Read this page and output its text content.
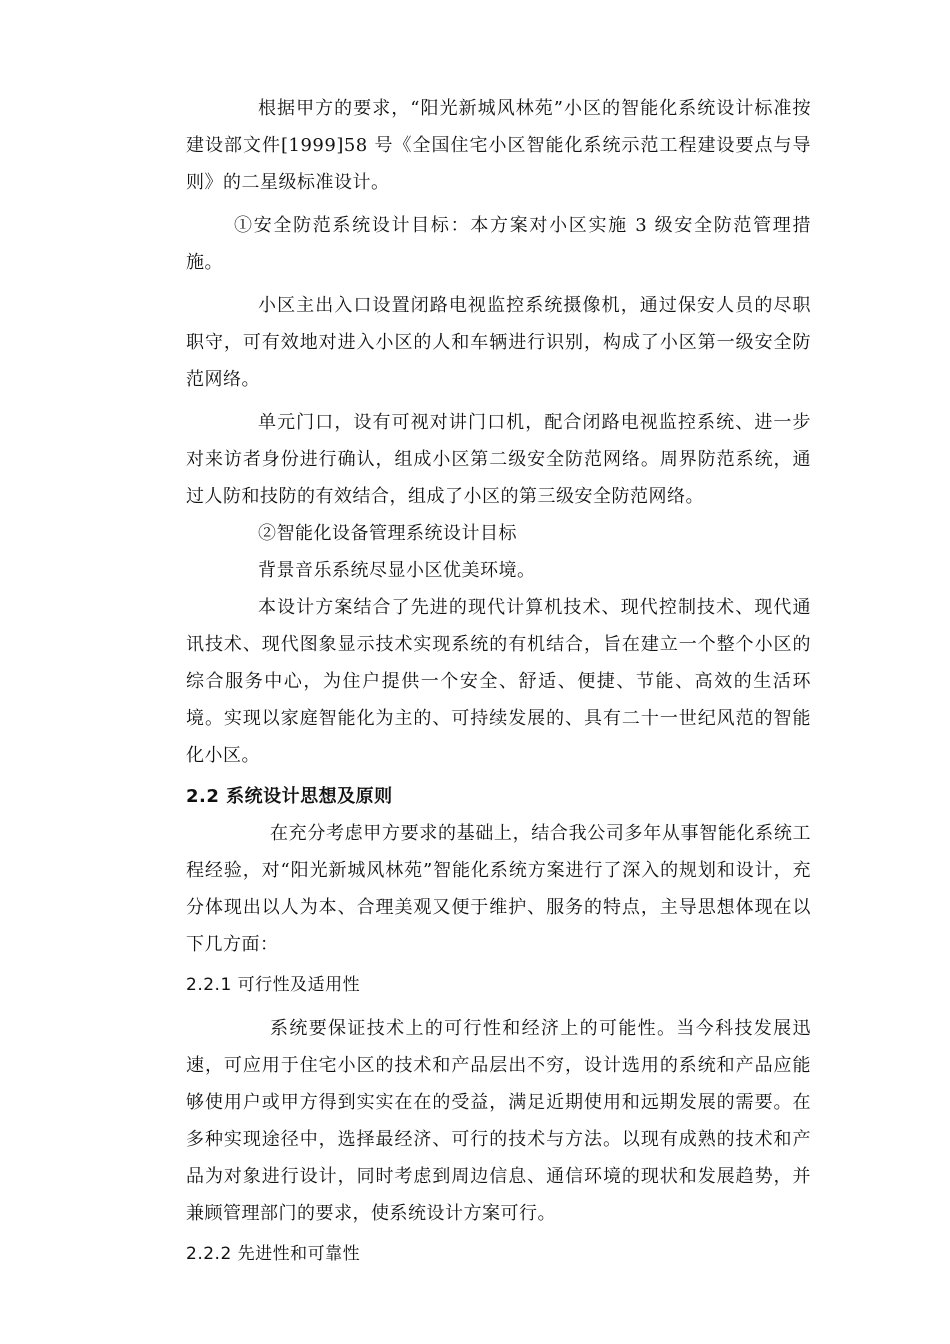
根据甲方的要求，“阳光新城风林苑”小区的智能化系统设计标准按建设部文件[1999]58 号《全国住宅小区智能化系统示范工程建设要点与导则》的二星级标准设计。

①安全防范系统设计目标：本方案对小区实施 3 级安全防范管理措施。

小区主出入口设置闭路电视监控系统摄像机，通过保安人员的尽职职守，可有效地对进入小区的人和车辆进行识别，构成了小区第一级安全防范网络。

单元门口，设有可视对讲门口机，配合闭路电视监控系统、进一步对来访者身份进行确认，组成小区第二级安全防范网络。周界防范系统，通过人防和技防的有效结合，组成了小区的第三级安全防范网络。

②智能化设备管理系统设计目标

背景音乐系统尽显小区优美环境。

本设计方案结合了先进的现代计算机技术、现代控制技术、现代通讯技术、现代图象显示技术实现系统的有机结合，旨在建立一个整个小区的综合服务中心，为住户提供一个安全、舒适、便捷、节能、高效的生活环境。实现以家庭智能化为主的、可持续发展的、具有二十一世纪风范的智能化小区。

2.2 系统设计思想及原则

在充分考虑甲方要求的基础上，结合我公司多年从事智能化系统工程经验，对“阳光新城风林苑”智能化系统方案进行了深入的规划和设计，充分体现出以人为本、合理美观又便于维护、服务的特点，主导思想体现在以下几方面：

2.2.1 可行性及适用性

系统要保证技术上的可行性和经济上的可能性。当今科技发展迅速，可应用于住宅小区的技术和产品层出不穷，设计选用的系统和产品应能够使用户或甲方得到实实在在的受益，满足近期使用和远期发展的需要。在多种实现途径中，选择最经济、可行的技术与方法。以现有成熟的技术和产品为对象进行设计，同时考虑到周边信息、通信环境的现状和发展趋势，并兼顾管理部门的要求，使系统设计方案可行。

2.2.2 先进性和可靠性
